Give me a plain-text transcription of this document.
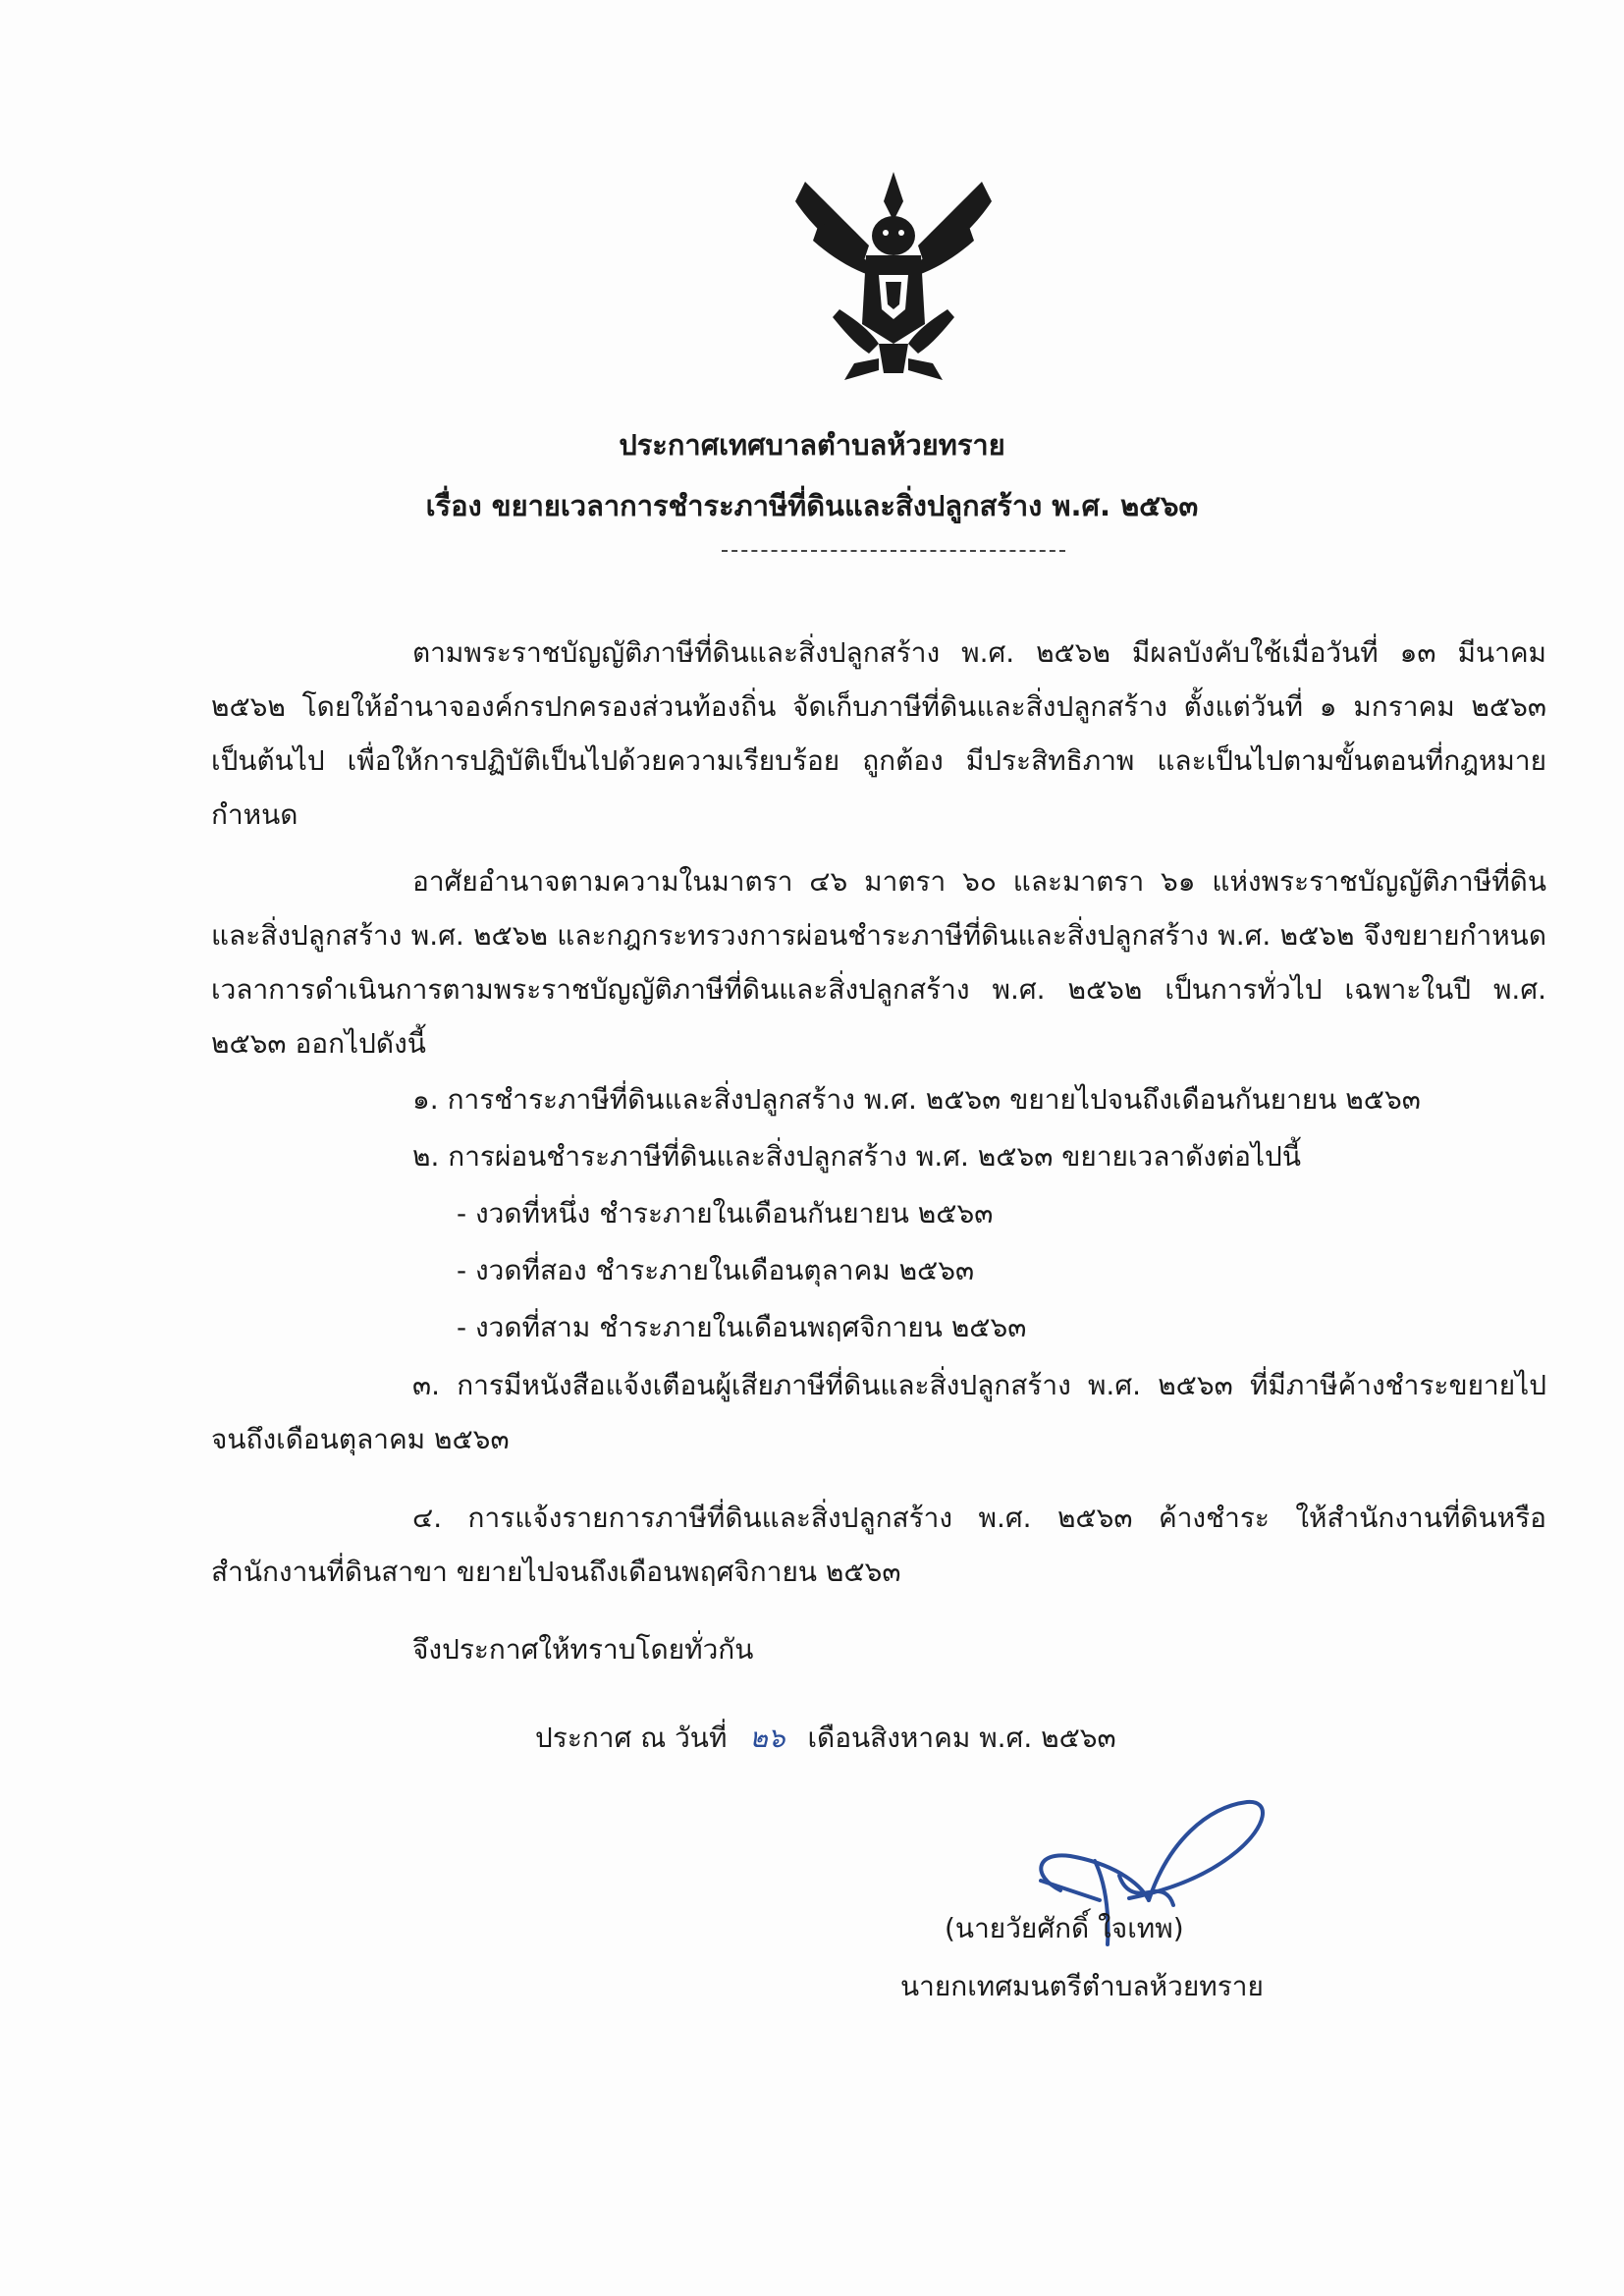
ประกาศเทศบาลตำบลห้วยทราย
เรื่อง ขยายเวลาการชำระภาษีที่ดินและสิ่งปลูกสร้าง พ.ศ. ๒๕๖๓
ตามพระราชบัญญัติภาษีที่ดินและสิ่งปลูกสร้าง พ.ศ. ๒๕๖๒ มีผลบังคับใช้เมื่อวันที่ ๑๓ มีนาคม ๒๕๖๒ โดยให้อำนาจองค์กรปกครองส่วนท้องถิ่น จัดเก็บภาษีที่ดินและสิ่งปลูกสร้าง ตั้งแต่วันที่ ๑ มกราคม ๒๕๖๓ เป็นต้นไป เพื่อให้การปฏิบัติเป็นไปด้วยความเรียบร้อย ถูกต้อง มีประสิทธิภาพ และเป็นไปตามขั้นตอนที่กฎหมายกำหนด
อาศัยอำนาจตามความในมาตรา ๔๖ มาตรา ๖๐ และมาตรา ๖๑ แห่งพระราชบัญญัติภาษีที่ดินและสิ่งปลูกสร้าง พ.ศ. ๒๕๖๒ และกฎกระทรวงการผ่อนชำระภาษีที่ดินและสิ่งปลูกสร้าง พ.ศ. ๒๕๖๒ จึงขยายกำหนดเวลาการดำเนินการตามพระราชบัญญัติภาษีที่ดินและสิ่งปลูกสร้าง พ.ศ. ๒๕๖๒ เป็นการทั่วไป เฉพาะในปี พ.ศ. ๒๕๖๓ ออกไปดังนี้
๑. การชำระภาษีที่ดินและสิ่งปลูกสร้าง พ.ศ. ๒๕๖๓ ขยายไปจนถึงเดือนกันยายน ๒๕๖๓
๒. การผ่อนชำระภาษีที่ดินและสิ่งปลูกสร้าง พ.ศ. ๒๕๖๓ ขยายเวลาดังต่อไปนี้
- งวดที่หนึ่ง ชำระภายในเดือนกันยายน ๒๕๖๓
- งวดที่สอง ชำระภายในเดือนตุลาคม ๒๕๖๓
- งวดที่สาม ชำระภายในเดือนพฤศจิกายน ๒๕๖๓
๓. การมีหนังสือแจ้งเตือนผู้เสียภาษีที่ดินและสิ่งปลูกสร้าง พ.ศ. ๒๕๖๓ ที่มีภาษีค้างชำระขยายไปจนถึงเดือนตุลาคม ๒๕๖๓
๔. การแจ้งรายการภาษีที่ดินและสิ่งปลูกสร้าง พ.ศ. ๒๕๖๓ ค้างชำระ ให้สำนักงานที่ดินหรือสำนักงานที่ดินสาขา ขยายไปจนถึงเดือนพฤศจิกายน ๒๕๖๓
จึงประกาศให้ทราบโดยทั่วกัน
ประกาศ ณ วันที่ ๒๖ เดือนสิงหาคม พ.ศ. ๒๕๖๓
(นายวัยศักดิ์ ใจเทพ)
นายกเทศมนตรีตำบลห้วยทราย
